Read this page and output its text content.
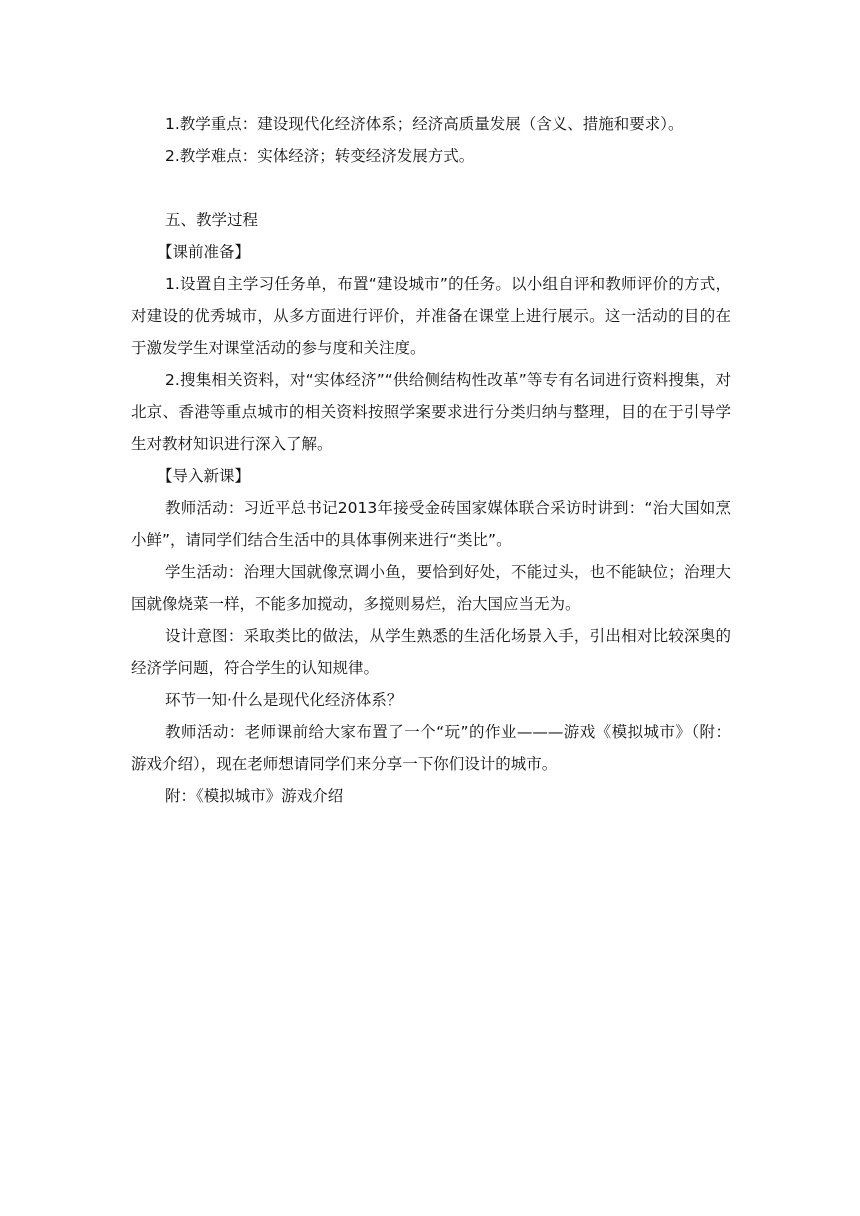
1.教学重点：建设现代化经济体系；经济高质量发展（含义、措施和要求）。

2.教学难点：实体经济；转变经济发展方式。

五、教学过程

【课前准备】

1.设置自主学习任务单，布置“建设城市”的任务。以小组自评和教师评价的方式，对建设的优秀城市，从多方面进行评价，并准备在课堂上进行展示。这一活动的目的在于激发学生对课堂活动的参与度和关注度。

2.搜集相关资料，对“实体经济”“供给侧结构性改革”等专有名词进行资料搜集，对北京、香港等重点城市的相关资料按照学案要求进行分类归纳与整理，目的在于引导学生对教材知识进行深入了解。

【导入新课】

教师活动：习近平总书记2013年接受金砖国家媒体联合采访时讲到：“治大国如烹小鲜”，请同学们结合生活中的具体事例来进行“类比”。

学生活动：治理大国就像烹调小鱼，要恰到好处，不能过头，也不能缺位；治理大国就像烧菜一样，不能多加搅动，多搅则易烂，治大国应当无为。

设计意图：采取类比的做法，从学生熟悉的生活化场景入手，引出相对比较深奥的经济学问题，符合学生的认知规律。

环节一知·什么是现代化经济体系？

教师活动：老师课前给大家布置了一个“玩”的作业———游戏《模拟城市》（附：游戏介绍），现在老师想请同学们来分享一下你们设计的城市。

附：《模拟城市》游戏介绍
